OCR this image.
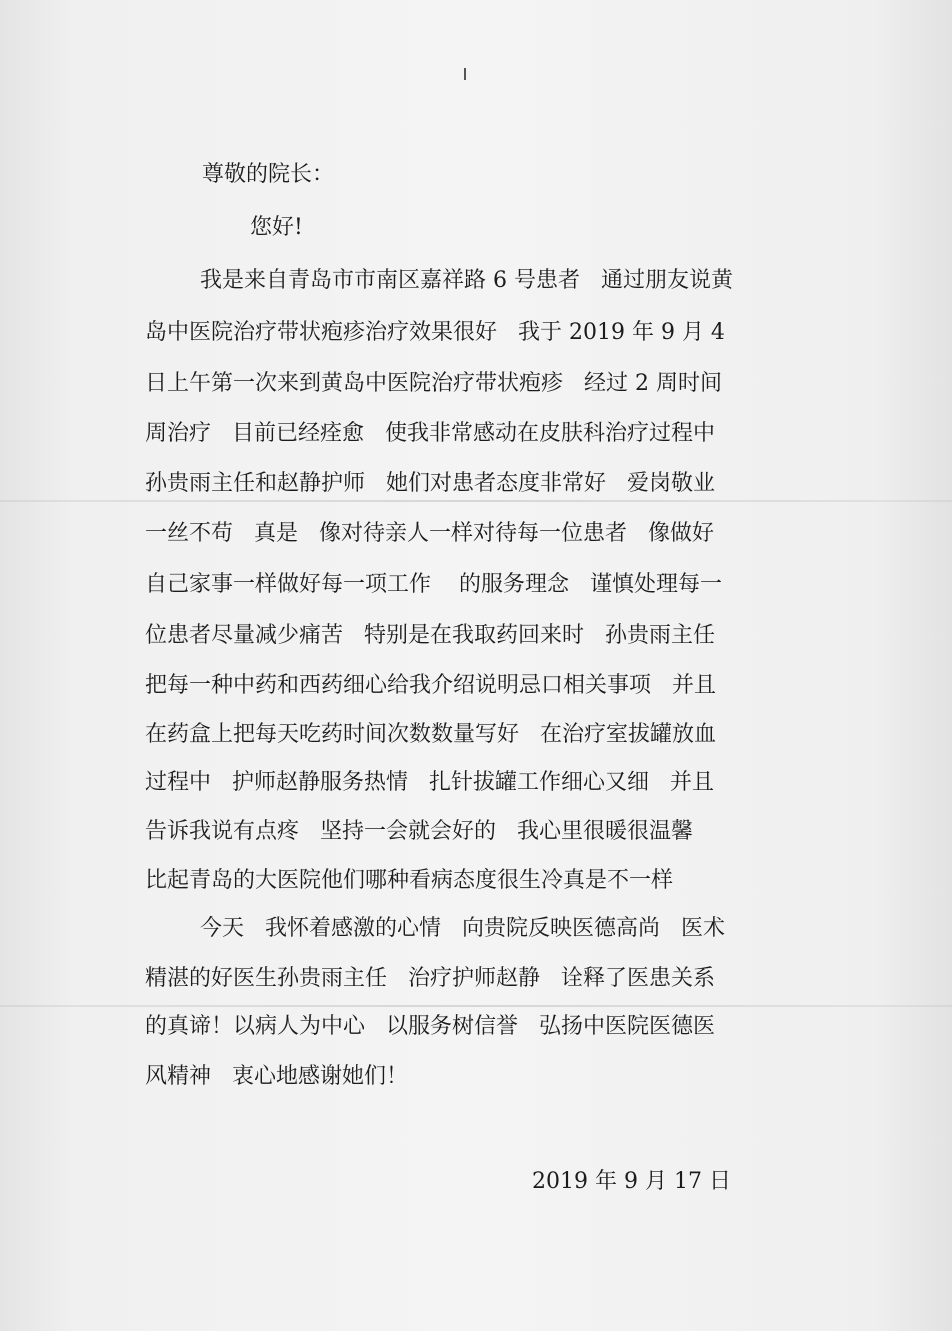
尊敬的院长：

您好!

我是来自青岛市市南区嘉祥路 6 号患者   通过朋友说黄

岛中医院治疗带状疱疹治疗效果很好   我于 2019 年 9 月 4

日上午第一次来到黄岛中医院治疗带状疱疹   经过 2 周时间

周治疗   目前已经痊愈   使我非常感动在皮肤科治疗过程中

孙贵雨主任和赵静护师   她们对患者态度非常好   爱岗敬业

一丝不苟   真是   像对待亲人一样对待每一位患者   像做好

自己家事一样做好每一项工作    的服务理念   谨慎处理每一

位患者尽量减少痛苦   特别是在我取药回来时   孙贵雨主任

把每一种中药和西药细心给我介绍说明忌口相关事项   并且

在药盒上把每天吃药时间次数数量写好   在治疗室拔罐放血

过程中   护师赵静服务热情   扎针拔罐工作细心又细   并且

告诉我说有点疼   坚持一会就会好的   我心里很暖很温馨

比起青岛的大医院他们哪种看病态度很生冷真是不一样

今天   我怀着感激的心情   向贵院反映医德高尚   医术

精湛的好医生孙贵雨主任   治疗护师赵静   诠释了医患关系

的真谛！以病人为中心   以服务树信誉   弘扬中医院医德医

风精神   衷心地感谢她们！

2019 年 9 月 17 日
